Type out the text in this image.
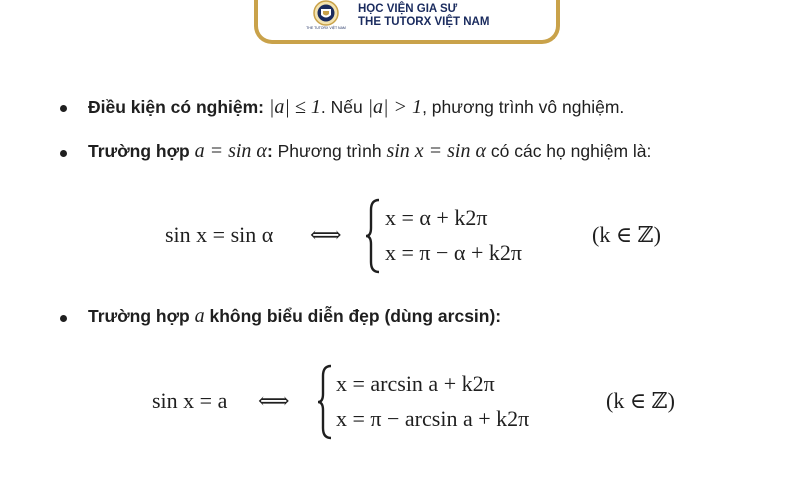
THE TUTORX VIỆT NAM
HỌC VIỆN GIA SƯ
THE TUTORX VIỆT NAM
Điều kiện có nghiệm: |a| ≤ 1. Nếu |a| > 1, phương trình vô nghiệm.
Trường hợp a = sin α: Phương trình sin x = sin α có các họ nghiệm là:
sin x = sin α ⟺
x = α + k2π
x = π − α + k2π
(k ∈ ℤ)
Trường hợp a không biểu diễn đẹp (dùng arcsin):
sin x = a ⟺
x = arcsin a + k2π
x = π − arcsin a + k2π
(k ∈ ℤ)
